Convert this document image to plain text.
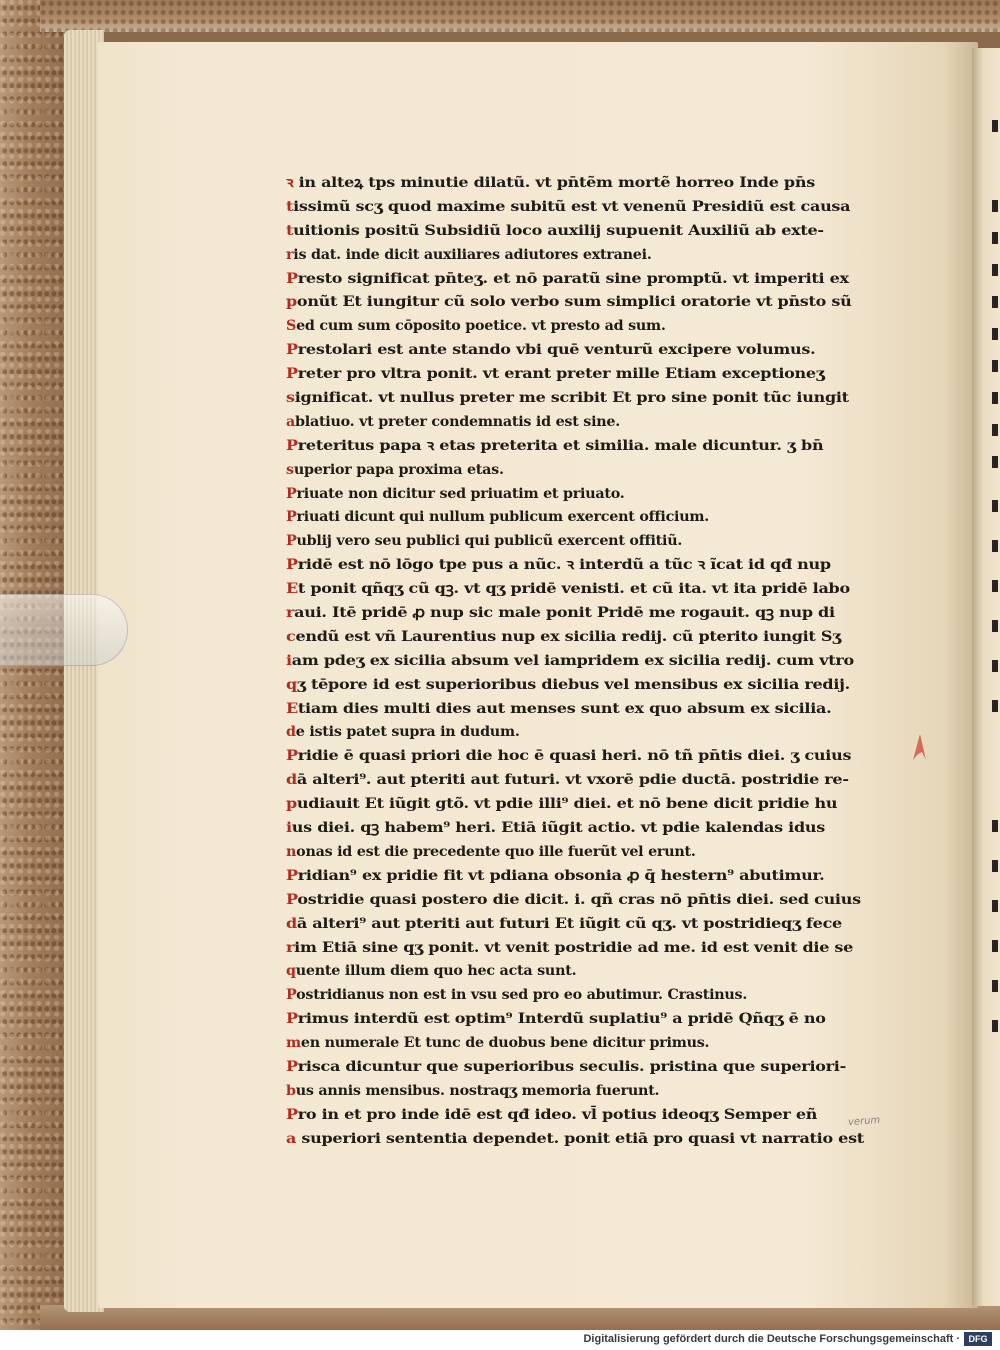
ꝛ in alteꝝ tps minutie dilatũ. vt pn̄tẽm mortẽ horreo Inde pn̄s
tissimũ scʒ quod maxime subitũ est vt venenũ Presidiũ est causa
tuitionis positũ Subsidiũ loco auxilij supuenit Auxiliũ ab exte-
ris dat. inde dicit auxiliares adiutores extranei.
Presto significat pn̄teʒ. et nō paratũ sine promptũ. vt imperiti ex
ponũt Et iungitur cũ solo verbo sum simplici oratorie vt pn̄sto sũ
Sed cum sum cōposito poetice. vt presto ad sum.
Prestolari est ante stando vbi quē venturũ excipere volumus.
Preter pro vltra ponit. vt erant preter mille Etiam exceptioneʒ
significat. vt nullus preter me scribit Et pro sine ponit tũc iungit
ablatiuo. vt preter condemnatis id est sine.
Preteritus papa ꝛ etas preterita et similia. male dicuntur. ʒ bn̄
superior papa proxima etas.
Priuate non dicitur sed priuatim et priuato.
Priuati dicunt qui nullum publicum exercent officium.
Publij vero seu publici qui publicũ exercent offitiũ.
Pridē est nō lōgo tpe pus a nũc. ꝛ interdũ a tũc ꝛ ĩcat id qđ nup
Et ponit qñqʒ cũ qꝫ. vt qʒ pridē venisti. et cũ ita. vt ita pridē labo
raui. Itē pridē ꝓ nup sic male ponit Pridē me rogauit. qꝫ nup di
cendũ est vñ Laurentius nup ex sicilia redij. cũ pterito iungit Sʒ
iam pdeʒ ex sicilia absum vel iampridem ex sicilia redij. cum vtro
qʒ tēpore id est superioribus diebus vel mensibus ex sicilia redij.
Etiam dies multi dies aut menses sunt ex quo absum ex sicilia.
de istis patet supra in dudum.
Pridie ē quasi priori die hoc ē quasi heri. nō tñ pn̄tis diei. ʒ cuius
dā alteri⁹. aut pteriti aut futuri. vt vxorē pdie ductā. postridie re-
pudiauit Et iũgit gtõ. vt pdie illi⁹ diei. et nō bene dicit pridie hu
ius diei. qꝫ habem⁹ heri. Etiā iũgit actio. vt pdie kalendas idus
nonas id est die precedente quo ille fuerũt vel erunt.
Pridian⁹ ex pridie fit vt pdiana obsonia ꝓ q̄ hestern⁹ abutimur.
Postridie quasi postero die dicit. i. qñ cras nō pn̄tis diei. sed cuius
dā alteri⁹ aut pteriti aut futuri Et iũgit cũ qʒ. vt postridieqʒ fece
rim Etiā sine qʒ ponit. vt venit postridie ad me. id est venit die se
quente illum diem quo hec acta sunt.
Postridianus non est in vsu sed pro eo abutimur. Crastinus.
Primus interdũ est optim⁹ Interdũ suplatiu⁹ a pridē Qñqʒ ē no
men numerale Et tunc de duobus bene dicitur primus.
Prisca dicuntur que superioribus seculis. pristina que superiori-
bus annis mensibus. nostraqʒ memoria fuerunt.
Pro in et pro inde idē est qđ ideo. vl̄ potius ideoqʒ Semper eñ
a superiori sententia dependet. ponit etiā pro quasi vt narratio est
verum
Digitalisierung gefördert durch die Deutsche Forschungsgemeinschaft · DFG
